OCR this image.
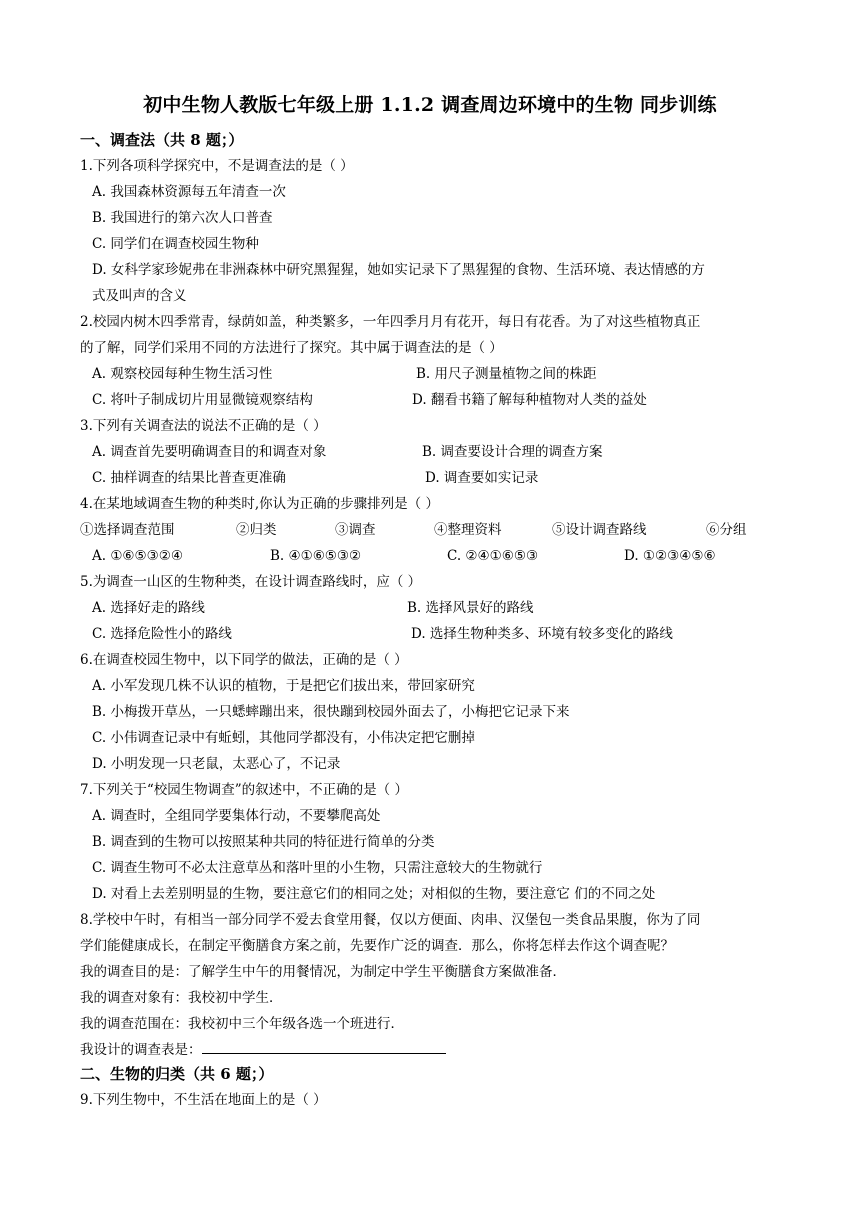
初中生物人教版七年级上册 1.1.2 调查周边环境中的生物 同步训练
一、调查法（共 8 题；）
1.下列各项科学探究中，不是调查法的是（ ）
A. 我国森林资源每五年清查一次
B. 我国进行的第六次人口普查
C. 同学们在调查校园生物种
D. 女科学家珍妮弗在非洲森林中研究黑猩猩，她如实记录下了黑猩猩的食物、生活环境、表达情感的方
式及叫声的含义
2.校园内树木四季常青，绿荫如盖，种类繁多，一年四季月月有花开，每日有花香。为了对这些植物真正
的了解，同学们采用不同的方法进行了探究。其中属于调查法的是（ ）
A. 观察校园每种生物生活习性	B. 用尺子测量植物之间的株距
C. 将叶子制成切片用显微镜观察结构	D. 翻看书籍了解每种植物对人类的益处
3.下列有关调查法的说法不正确的是（ ）
A. 调查首先要明确调查目的和调查对象	B. 调查要设计合理的调查方案
C. 抽样调查的结果比普查更准确	D. 调查要如实记录
4.在某地域调查生物的种类时,你认为正确的步骤排列是（ ）
①选择调查范围	②归类	③调查	④整理资料	⑤设计调查路线	⑥分组
A. ①⑥⑤③②④	B. ④①⑥⑤③②	C. ②④①⑥⑤③	D. ①②③④⑤⑥
5.为调查一山区的生物种类，在设计调查路线时，应（ ）
A. 选择好走的路线	B. 选择风景好的路线
C. 选择危险性小的路线	D. 选择生物种类多、环境有较多变化的路线
6.在调查校园生物中，以下同学的做法，正确的是（ ）
A. 小军发现几株不认识的植物，于是把它们拔出来，带回家研究
B. 小梅拨开草丛，一只蟋蟀蹦出来，很快蹦到校园外面去了，小梅把它记录下来
C. 小伟调查记录中有蚯蚓，其他同学都没有，小伟决定把它删掉
D. 小明发现一只老鼠，太恶心了，不记录
7.下列关于“校园生物调查”的叙述中，不正确的是（ ）
A. 调查时，全组同学要集体行动，不要攀爬高处
B. 调查到的生物可以按照某种共同的特征进行简单的分类
C. 调查生物可不必太注意草丛和落叶里的小生物，只需注意较大的生物就行
D. 对看上去差别明显的生物，要注意它们的相同之处；对相似的生物，要注意它 们的不同之处
8.学校中午时，有相当一部分同学不爱去食堂用餐，仅以方便面、肉串、汉堡包一类食品果腹，你为了同
学们能健康成长，在制定平衡膳食方案之前，先要作广泛的调查．那么，你将怎样去作这个调查呢？
我的调查目的是：了解学生中午的用餐情况，为制定中学生平衡膳食方案做准备．
我的调查对象有：我校初中学生．
我的调查范围在：我校初中三个年级各选一个班进行．
我设计的调查表是：
二、生物的归类（共 6 题；）
9.下列生物中，不生活在地面上的是（ ）
